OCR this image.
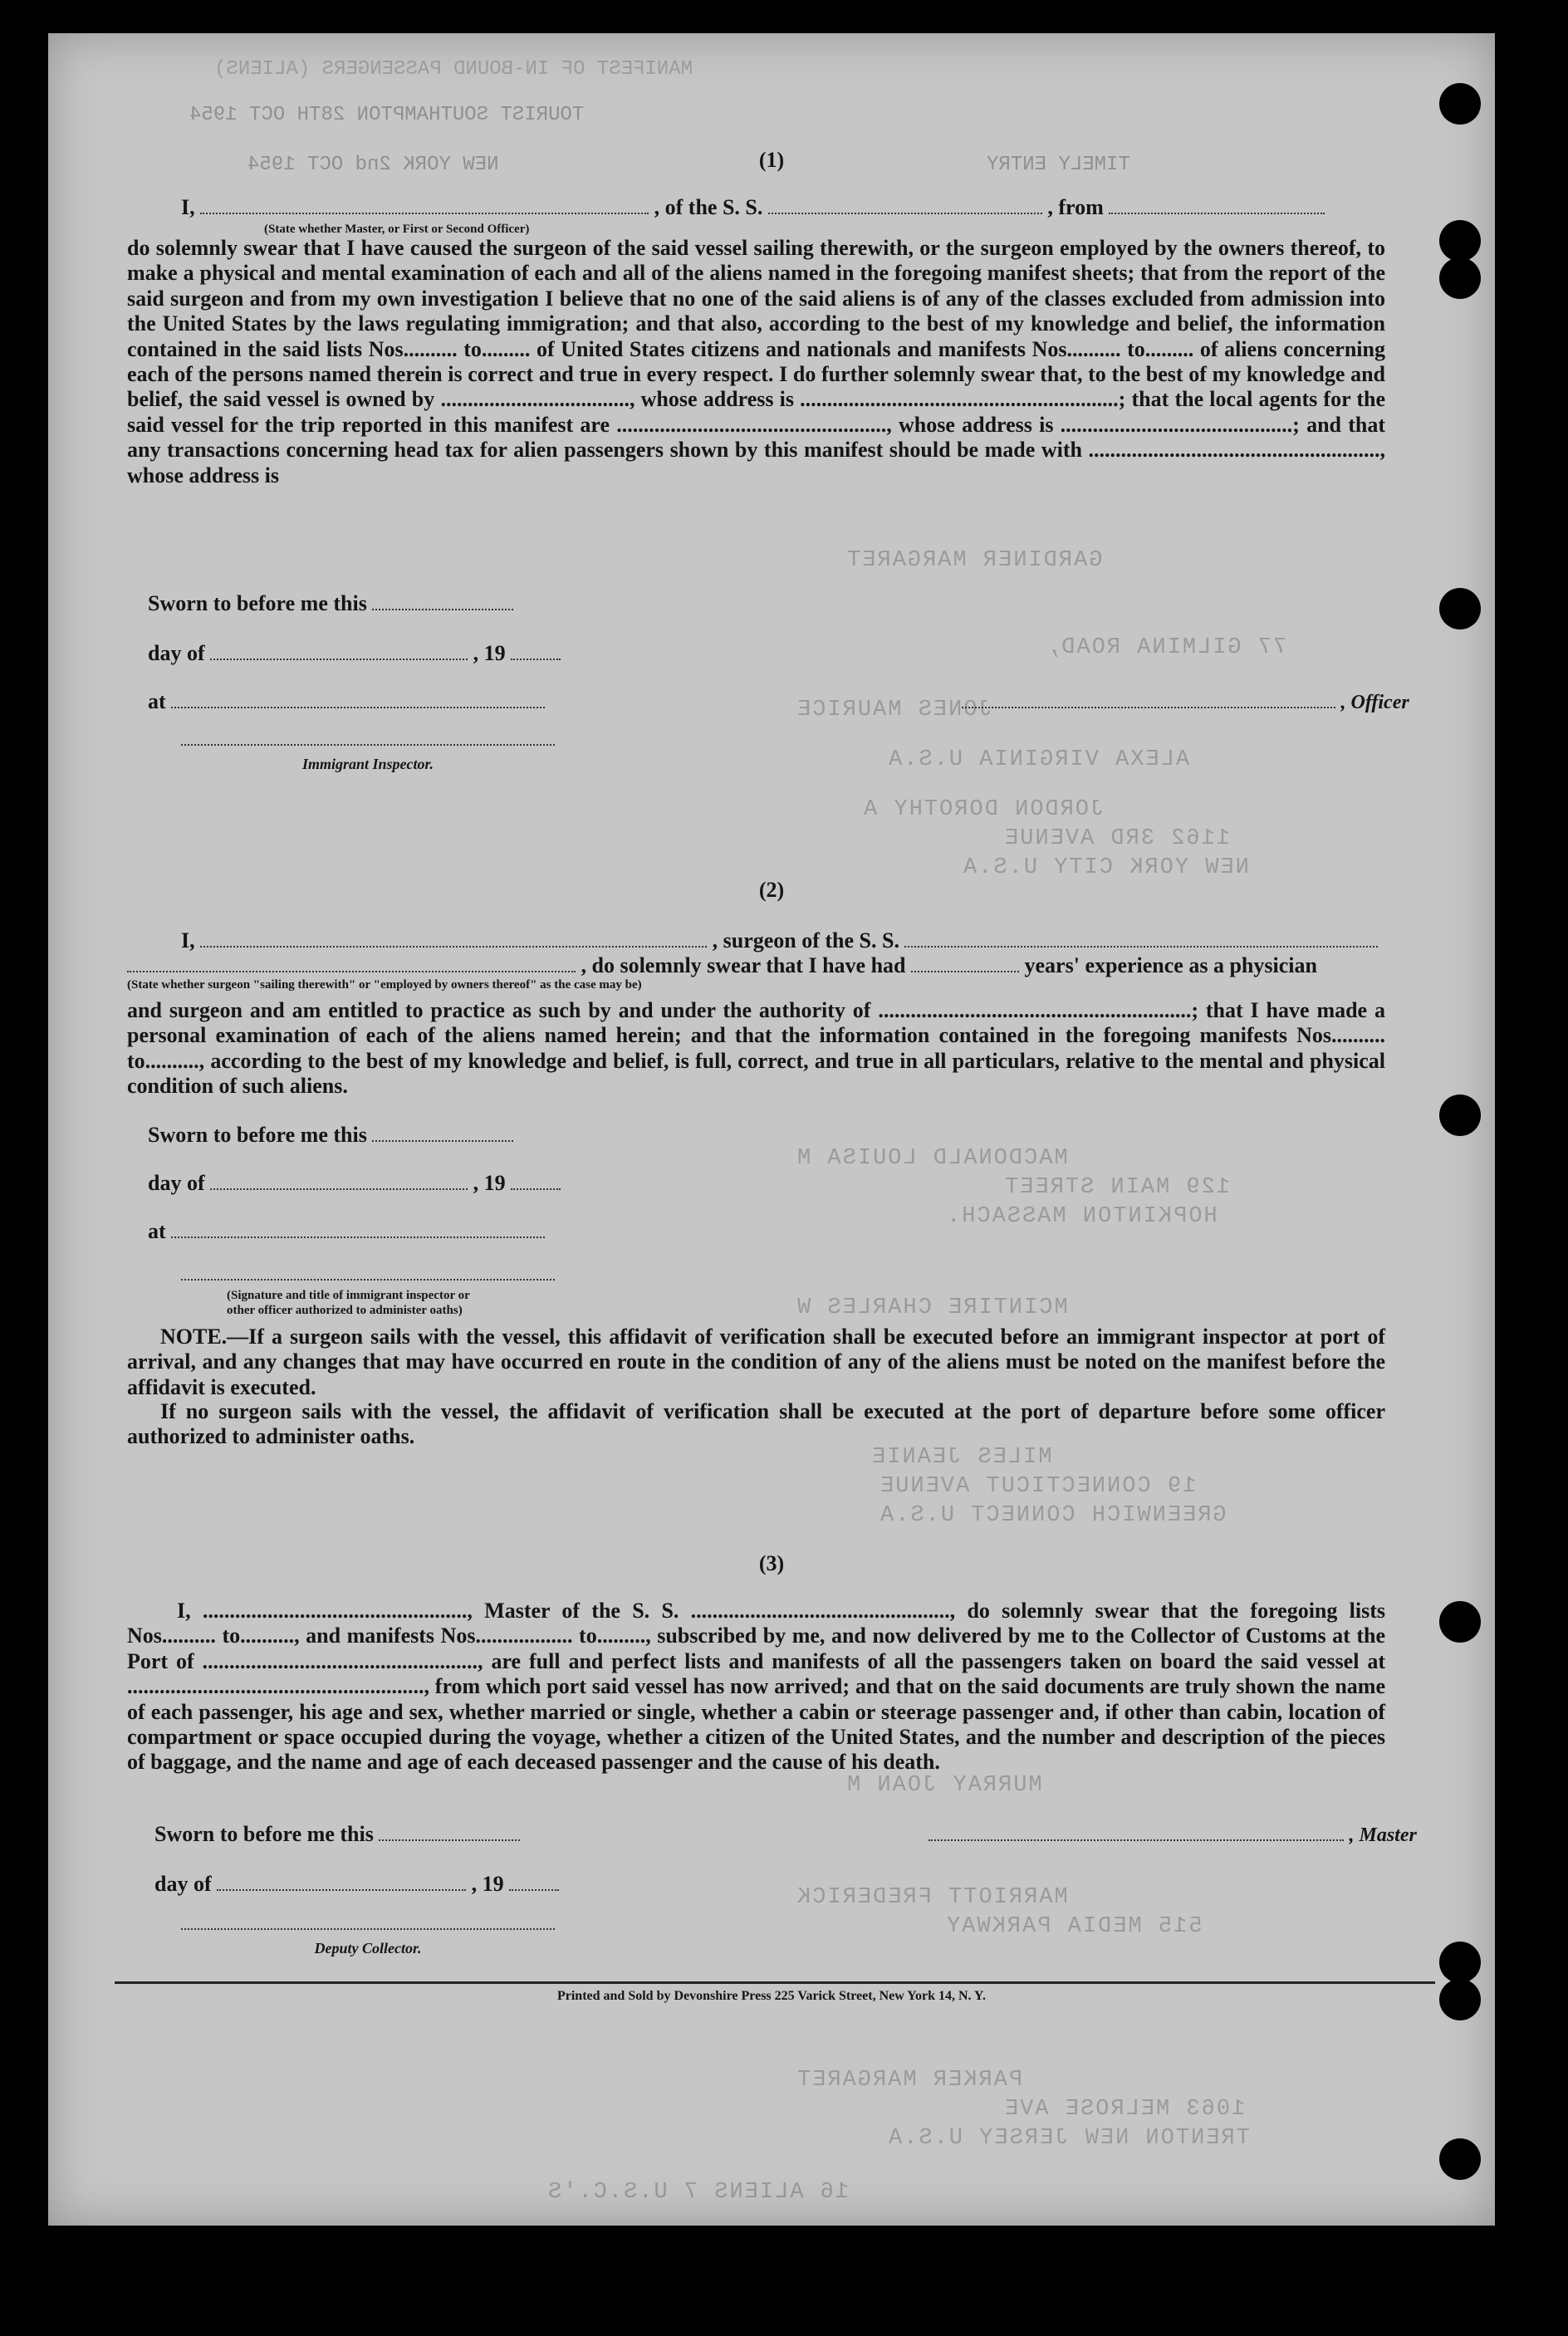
MANIFEST OF IN-BOUND PASSENGERS (ALIENS)
TOURIST SOUTHAMPTON 28TH OCT 1954
NEW YORK 2nd OCT 1954	TIMELY ENTRY
GARDINER MARGARET
77 GILMINA ROAD,
JONES MAURICE
ALEXA VIRGINIA U.S.A
JORDON DOROTHY A
1162 3RD AVENUE
NEW YORK CITY U.S.A
MACDONALD LOUISA M
129 MAIN STREET
HOPKINTON MASSACH.
MCINTIRE CHARLES W
MILES JEANIE
19 CONNECTICUT AVENUE
GREENWICH CONNECT U.S.A
MURRAY JOAN M
MARRIOTT FREDERICK
515 MEDIA PARKWAY
PARKER MARGARET
1063 MELROSE AVE
TRENTON NEW JERSEY U.S.A
16 ALIENS 7 U.S.C.'S
(1)
I,	, of the S. S.	, from
(State whether Master, or First or Second Officer)

do solemnly swear that I have caused the surgeon of the said vessel sailing therewith, or the surgeon employed by the owners thereof, to make a physical and mental examination of each and all of the aliens named in the foregoing manifest sheets; that from the report of the said surgeon and from my own investigation I believe that no one of the said aliens is of any of the classes excluded from admission into the United States by the laws regulating immigration; and that also, according to the best of my knowledge and belief, the information contained in the said lists Nos.......... to......... of United States citizens and nationals and manifests Nos.......... to......... of aliens concerning each of the persons named therein is correct and true in every respect. I do further solemnly swear that, to the best of my knowledge and belief, the said vessel is owned by ..................................., whose address is ...........................................................; that the local agents for the said vessel for the trip reported in this manifest are .................................................., whose address is ...........................................; and that any transactions concerning head tax for alien passengers shown by this manifest should be made with ......................................................, whose address is

Sworn to before me this
day of	, 19
at	, Officer
Immigrant Inspector.
(2)
I,	, surgeon of the S. S.
, do solemnly swear that I have had	years' experience as a physician
(State whether surgeon "sailing therewith" or "employed by owners thereof" as the case may be)

and surgeon and am entitled to practice as such by and under the authority of ..........................................................; that I have made a personal examination of each of the aliens named herein; and that the information contained in the foregoing manifests Nos.......... to.........., according to the best of my knowledge and belief, is full, correct, and true in all particulars, relative to the mental and physical condition of such aliens.

Sworn to before me this
day of	, 19
at
(Signature and title of immigrant inspector or
other officer authorized to administer oaths)

NOTE.—If a surgeon sails with the vessel, this affidavit of verification shall be executed before an immigrant inspector at port of arrival, and any changes that may have occurred en route in the condition of any of the aliens must be noted on the manifest before the affidavit is executed.

If no surgeon sails with the vessel, the affidavit of verification shall be executed at the port of departure before some officer authorized to administer oaths.

(3)

I, ................................................., Master of the S. S. ................................................, do solemnly swear that the foregoing lists Nos.......... to.........., and manifests Nos.................. to........., subscribed by me, and now delivered by me to the Collector of Customs at the Port of ..................................................., are full and perfect lists and manifests of all the passengers taken on board the said vessel at ......................................................., from which port said vessel has now arrived; and that on the said documents are truly shown the name of each passenger, his age and sex, whether married or single, whether a cabin or steerage passenger and, if other than cabin, location of compartment or space occupied during the voyage, whether a citizen of the United States, and the number and description of the pieces of baggage, and the name and age of each deceased passenger and the cause of his death.

Sworn to before me this	, Master
day of	, 19
Deputy Collector.
Printed and Sold by Devonshire Press 225 Varick Street, New York 14, N. Y.
